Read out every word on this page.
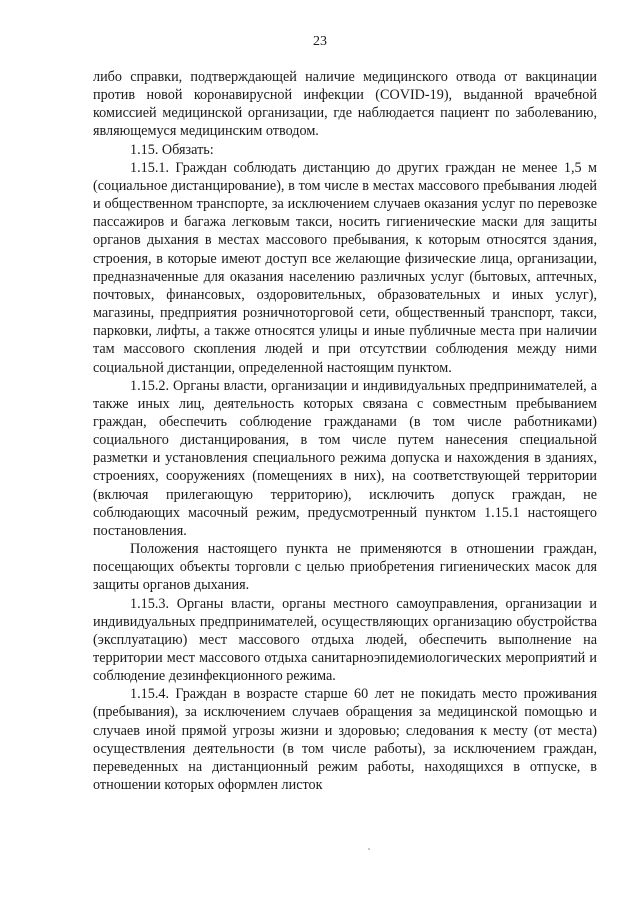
23

либо справки, подтверждающей наличие медицинского отвода от вакцинации против новой коронавирусной инфекции (COVID-19), выданной врачебной комиссией медицинской организации, где наблюдается пациент по заболеванию, являющемуся медицинским отводом.

1.15. Обязать:

1.15.1. Граждан соблюдать дистанцию до других граждан не менее 1,5 м (социальное дистанцирование), в том числе в местах массового пребывания людей и общественном транспорте, за исключением случаев оказания услуг по перевозке пассажиров и багажа легковым такси, носить гигиенические маски для защиты органов дыхания в местах массового пребывания, к которым относятся здания, строения, в которые имеют доступ все желающие физические лица, организации, предназначенные для оказания населению различных услуг (бытовых, аптечных, почтовых, финансовых, оздоровительных, образовательных и иных услуг), магазины, предприятия розничноторговой сети, общественный транспорт, такси, парковки, лифты, а также относятся улицы и иные публичные места при наличии там массового скопления людей и при отсутствии соблюдения между ними социальной дистанции, определенной настоящим пунктом.

1.15.2. Органы власти, организации и индивидуальных предпринимателей, а также иных лиц, деятельность которых связана с совместным пребыванием граждан, обеспечить соблюдение гражданами (в том числе работниками) социального дистанцирования, в том числе путем нанесения специальной разметки и установления специального режима допуска и нахождения в зданиях, строениях, сооружениях (помещениях в них), на соответствующей территории (включая прилегающую территорию), исключить допуск граждан, не соблюдающих масочный режим, предусмотренный пунктом 1.15.1 настоящего постановления.

Положения настоящего пункта не применяются в отношении граждан, посещающих объекты торговли с целью приобретения гигиенических масок для защиты органов дыхания.

1.15.3. Органы власти, органы местного самоуправления, организации и индивидуальных предпринимателей, осуществляющих организацию обустройства (эксплуатацию) мест массового отдыха людей, обеспечить выполнение на территории мест массового отдыха санитарноэпидемиологических мероприятий и соблюдение дезинфекционного режима.

1.15.4. Граждан в возрасте старше 60 лет не покидать место проживания (пребывания), за исключением случаев обращения за медицинской помощью и случаев иной прямой угрозы жизни и здоровью; следования к месту (от места) осуществления деятельности (в том числе работы), за исключением граждан, переведенных на дистанционный режим работы, находящихся в отпуске, в отношении которых оформлен листок
